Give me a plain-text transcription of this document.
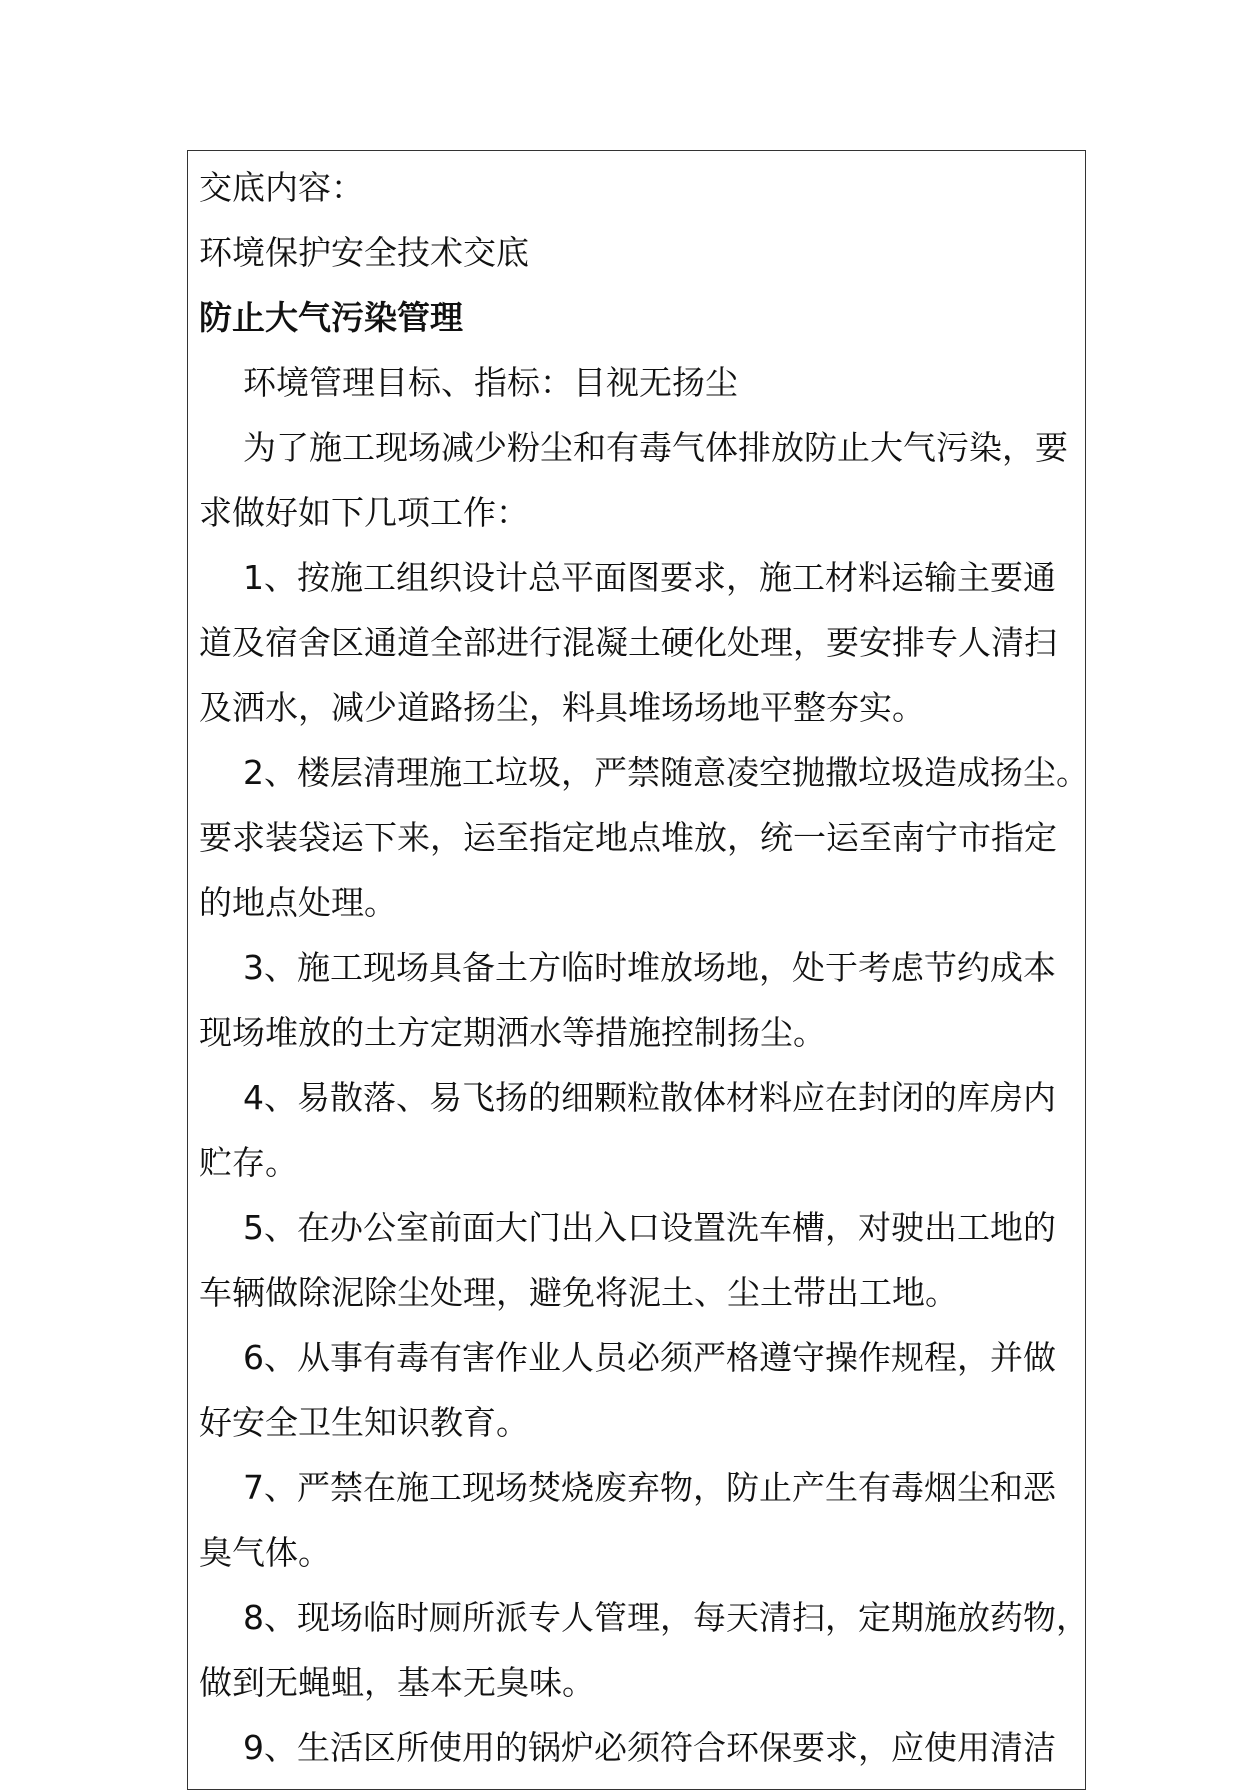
交底内容：
环境保护安全技术交底
防止大气污染管理
环境管理目标、指标：目视无扬尘
为了施工现场减少粉尘和有毒气体排放防止大气污染，要
求做好如下几项工作：
1、按施工组织设计总平面图要求，施工材料运输主要通
道及宿舍区通道全部进行混凝土硬化处理，要安排专人清扫
及洒水，减少道路扬尘，料具堆场场地平整夯实。
2、楼层清理施工垃圾，严禁随意凌空抛撒垃圾造成扬尘。
要求装袋运下来，运至指定地点堆放，统一运至南宁市指定
的地点处理。
3、施工现场具备土方临时堆放场地，处于考虑节约成本
现场堆放的土方定期洒水等措施控制扬尘。
4、易散落、易飞扬的细颗粒散体材料应在封闭的库房内
贮存。
5、在办公室前面大门出入口设置洗车槽，对驶出工地的
车辆做除泥除尘处理，避免将泥土、尘土带出工地。
6、从事有毒有害作业人员必须严格遵守操作规程，并做
好安全卫生知识教育。
7、严禁在施工现场焚烧废弃物，防止产生有毒烟尘和恶
臭气体。
8、现场临时厕所派专人管理，每天清扫，定期施放药物，
做到无蝇蛆，基本无臭味。
9、生活区所使用的锅炉必须符合环保要求，应使用清洁
